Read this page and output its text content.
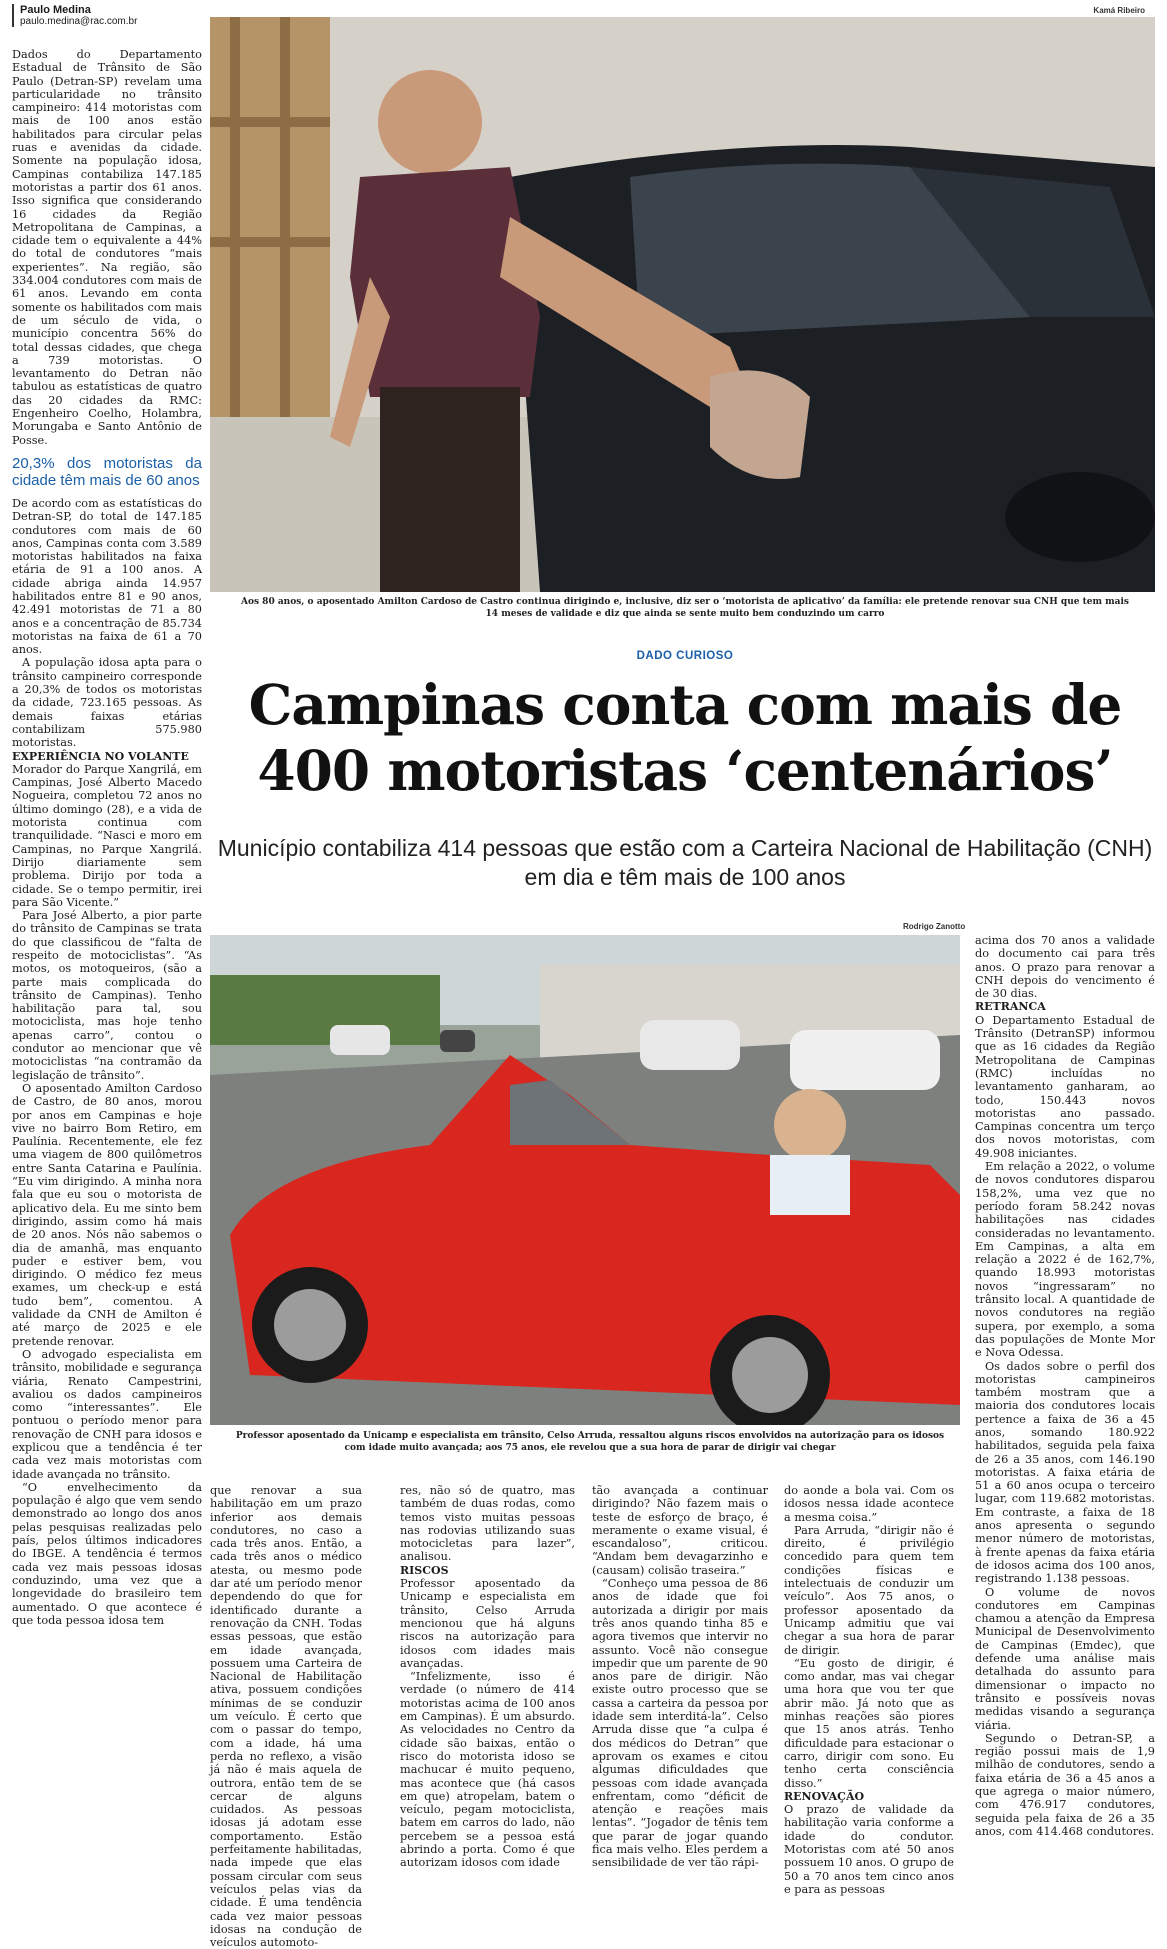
Paulo Medina
paulo.medina@rac.com.br

Dados do Departamento Estadual de Trânsito de São Paulo (Detran-SP) revelam uma particularidade no trânsito campineiro: 414 motoristas com mais de 100 anos estão habilitados para circular pelas ruas e avenidas da cidade. Somente na população idosa, Campinas contabiliza 147.185 motoristas a partir dos 61 anos. Isso significa que considerando 16 cidades da Região Metropolitana de Campinas, a cidade tem o equivalente a 44% do total de condutores “mais experientes”. Na região, são 334.004 condutores com mais de 61 anos. Levando em conta somente os habilitados com mais de um século de vida, o município concentra 56% do total dessas cidades, que chega a 739 motoristas. O levantamento do Detran não tabulou as estatísticas de quatro das 20 cidades da RMC: Engenheiro Coelho, Holambra, Morungaba e Santo Antônio de Posse.

20,3% dos motoristas da cidade têm mais de 60 anos

De acordo com as estatísticas do Detran-SP, do total de 147.185 condutores com mais de 60 anos, Campinas conta com 3.589 motoristas habilitados na faixa etária de 91 a 100 anos. A cidade abriga ainda 14.957 habilitados entre 81 e 90 anos, 42.491 motoristas de 71 a 80 anos e a concentração de 85.734 motoristas na faixa de 61 a 70 anos.

A população idosa apta para o trânsito campineiro corresponde a 20,3% de todos os motoristas da cidade, 723.165 pessoas. As demais faixas etárias contabilizam 575.980 motoristas.

EXPERIÊNCIA NO VOLANTE

Morador do Parque Xangrilá, em Campinas, José Alberto Macedo Nogueira, completou 72 anos no último domingo (28), e a vida de motorista continua com tranquilidade. “Nasci e moro em Campinas, no Parque Xangrilá. Dirijo diariamente sem problema. Dirijo por toda a cidade. Se o tempo permitir, irei para São Vicente.”

Para José Alberto, a pior parte do trânsito de Campinas se trata do que classificou de “falta de respeito de motociclistas”. “As motos, os motoqueiros, (são a parte mais complicada do trânsito de Campinas). Tenho habilitação para tal, sou motociclista, mas hoje tenho apenas carro”, contou o condutor ao mencionar que vê motociclistas “na contramão da legislação de trânsito”.

O aposentado Amilton Cardoso de Castro, de 80 anos, morou por anos em Campinas e hoje vive no bairro Bom Retiro, em Paulínia. Recentemente, ele fez uma viagem de 800 quilômetros entre Santa Catarina e Paulínia. “Eu vim dirigindo. A minha nora fala que eu sou o motorista de aplicativo dela. Eu me sinto bem dirigindo, assim como há mais de 20 anos. Nós não sabemos o dia de amanhã, mas enquanto puder e estiver bem, vou dirigindo. O médico fez meus exames, um check-up e está tudo bem”, comentou. A validade da CNH de Amilton é até março de 2025 e ele pretende renovar.

O advogado especialista em trânsito, mobilidade e segurança viária, Renato Campestrini, avaliou os dados campineiros como “interessantes”. Ele pontuou o período menor para renovação de CNH para idosos e explicou que a tendência é ter cada vez mais motoristas com idade avançada no trânsito.

“O envelhecimento da população é algo que vem sendo demonstrado ao longo dos anos pelas pesquisas realizadas pelo país, pelos últimos indicadores do IBGE. A tendência é termos cada vez mais pessoas idosas conduzindo, uma vez que a longevidade do brasileiro tem aumentado. O que acontece é que toda pessoa idosa tem

Kamá Ribeiro
Aos 80 anos, o aposentado Amilton Cardoso de Castro continua dirigindo e, inclusive, diz ser o ‘motorista de aplicativo’ da família: ele pretende renovar sua CNH que tem mais 14 meses de validade e diz que ainda se sente muito bem conduzindo um carro
DADO CURIOSO
Campinas conta com mais de 400 motoristas ‘centenários’
Município contabiliza 414 pessoas que estão com a Carteira Nacional de Habilitação (CNH) em dia e têm mais de 100 anos
Rodrigo Zanotto
Professor aposentado da Unicamp e especialista em trânsito, Celso Arruda, ressaltou alguns riscos envolvidos na autorização para os idosos com idade muito avançada; aos 75 anos, ele revelou que a sua hora de parar de dirigir vai chegar

que renovar a sua habilitação em um prazo inferior aos demais condutores, no caso a cada três anos. Então, a cada três anos o médico atesta, ou mesmo pode dar até um período menor dependendo do que for identificado durante a renovação da CNH. Todas essas pessoas, que estão em idade avançada, possuem uma Carteira de Nacional de Habilitação ativa, possuem condições mínimas de se conduzir um veículo. É certo que com o passar do tempo, com a idade, há uma perda no reflexo, a visão já não é mais aquela de outrora, então tem de se cercar de alguns cuidados. As pessoas idosas já adotam esse comportamento. Estão perfeitamente habilitadas, nada impede que elas possam circular com seus veículos pelas vias da cidade. É uma tendência cada vez maior pessoas idosas na condução de veículos automoto-

res, não só de quatro, mas também de duas rodas, como temos visto muitas pessoas nas rodovias utilizando suas motocicletas para lazer”, analisou.

RISCOS

Professor aposentado da Unicamp e especialista em trânsito, Celso Arruda mencionou que há alguns riscos na autorização para idosos com idades mais avançadas.

“Infelizmente, isso é verdade (o número de 414 motoristas acima de 100 anos em Campinas). É um absurdo. As velocidades no Centro da cidade são baixas, então o risco do motorista idoso se machucar é muito pequeno, mas acontece que (há casos em que) atropelam, batem o veículo, pegam motociclista, batem em carros do lado, não percebem se a pessoa está abrindo a porta. Como é que autorizam idosos com idade

tão avançada a continuar dirigindo? Não fazem mais o teste de esforço de braço, é meramente o exame visual, é escandaloso”, criticou. “Andam bem devagarzinho e (causam) colisão traseira.”

“Conheço uma pessoa de 86 anos de idade que foi autorizada a dirigir por mais três anos quando tinha 85 e agora tivemos que intervir no assunto. Você não consegue impedir que um parente de 90 anos pare de dirigir. Não existe outro processo que se cassa a carteira da pessoa por idade sem interditá-la”. Celso Arruda disse que “a culpa é dos médicos do Detran” que aprovam os exames e citou algumas dificuldades que pessoas com idade avançada enfrentam, como “déficit de atenção e reações mais lentas”. “Jogador de tênis tem que parar de jogar quando fica mais velho. Eles perdem a sensibilidade de ver tão rápi-

do aonde a bola vai. Com os idosos nessa idade acontece a mesma coisa.”

Para Arruda, “dirigir não é direito, é privilégio concedido para quem tem condições físicas e intelectuais de conduzir um veículo”. Aos 75 anos, o professor aposentado da Unicamp admitiu que vai chegar a sua hora de parar de dirigir.

“Eu gosto de dirigir, é como andar, mas vai chegar uma hora que vou ter que abrir mão. Já noto que as minhas reações são piores que 15 anos atrás. Tenho dificuldade para estacionar o carro, dirigir com sono. Eu tenho certa consciência disso.”

RENOVAÇÃO

O prazo de validade da habilitação varia conforme a idade do condutor. Motoristas com até 50 anos possuem 10 anos. O grupo de 50 a 70 anos tem cinco anos e para as pessoas

acima dos 70 anos a validade do documento cai para três anos. O prazo para renovar a CNH depois do vencimento é de 30 dias.

RETRANCA

O Departamento Estadual de Trânsito (DetranSP) informou que as 16 cidades da Região Metropolitana de Campinas (RMC) incluídas no levantamento ganharam, ao todo, 150.443 novos motoristas ano passado. Campinas concentra um terço dos novos motoristas, com 49.908 iniciantes.

Em relação a 2022, o volume de novos condutores disparou 158,2%, uma vez que no período foram 58.242 novas habilitações nas cidades consideradas no levantamento. Em Campinas, a alta em relação a 2022 é de 162,7%, quando 18.993 motoristas novos “ingressaram” no trânsito local. A quantidade de novos condutores na região supera, por exemplo, a soma das populações de Monte Mor e Nova Odessa.

Os dados sobre o perfil dos motoristas campineiros também mostram que a maioria dos condutores locais pertence a faixa de 36 a 45 anos, somando 180.922 habilitados, seguida pela faixa de 26 a 35 anos, com 146.190 motoristas. A faixa etária de 51 a 60 anos ocupa o terceiro lugar, com 119.682 motoristas. Em contraste, a faixa de 18 anos apresenta o segundo menor número de motoristas, à frente apenas da faixa etária de idosos acima dos 100 anos, registrando 1.138 pessoas.

O volume de novos condutores em Campinas chamou a atenção da Empresa Municipal de Desenvolvimento de Campinas (Emdec), que defende uma análise mais detalhada do assunto para dimensionar o impacto no trânsito e possíveis novas medidas visando a segurança viária.

Segundo o Detran-SP, a região possui mais de 1,9 milhão de condutores, sendo a faixa etária de 36 a 45 anos a que agrega o maior número, com 476.917 condutores, seguida pela faixa de 26 a 35 anos, com 414.468 condutores.
